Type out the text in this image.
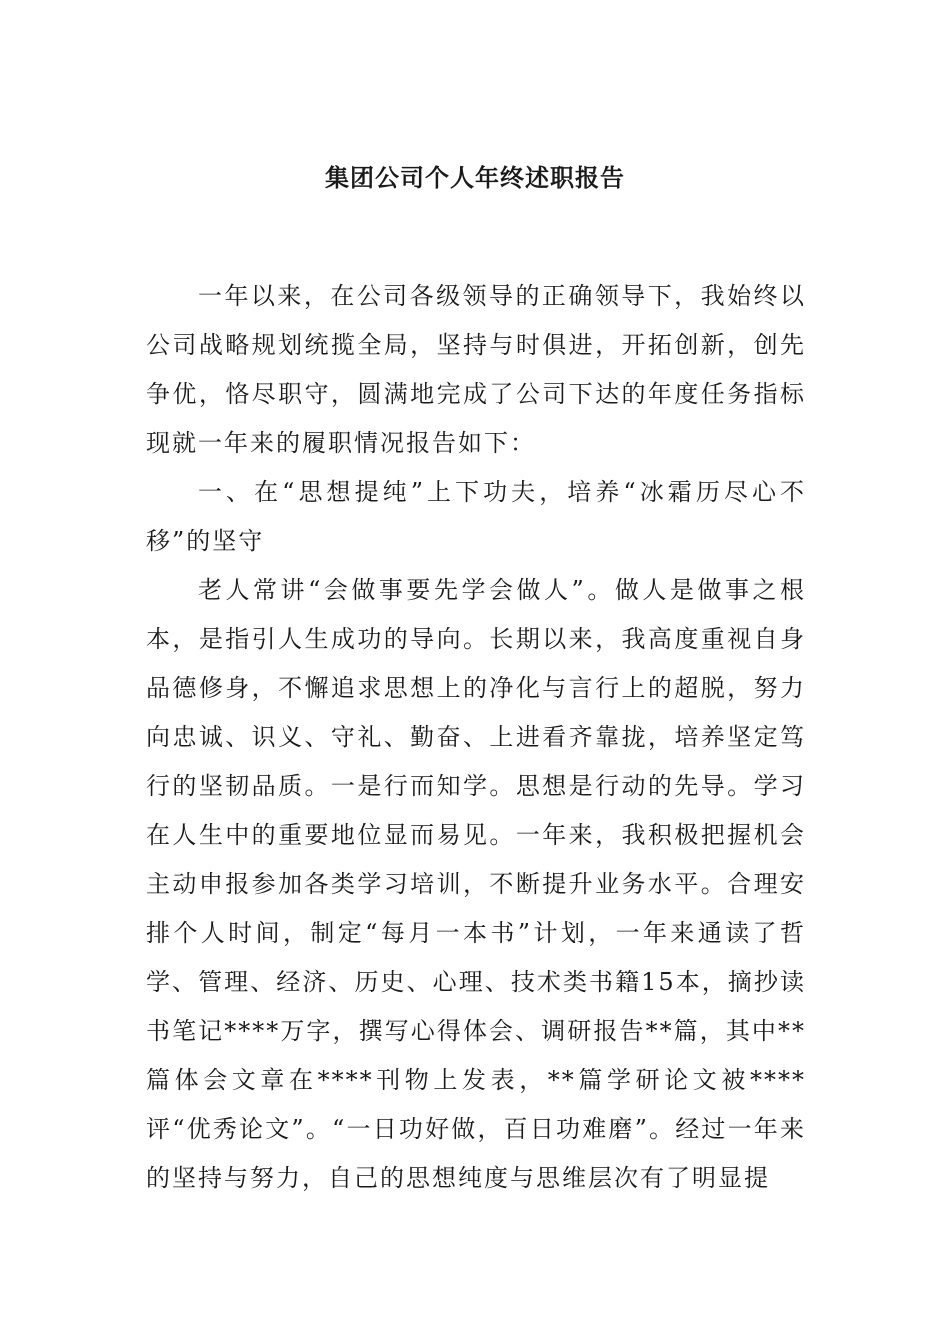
集团公司个人年终述职报告

一年以来，在公司各级领导的正确领导下，我始终以公司战略规划统揽全局，坚持与时俱进，开拓创新，创先争优，恪尽职守，圆满地完成了公司下达的年度任务指标现就一年来的履职情况报告如下：

一、在“思想提纯”上下功夫，培养“冰霜历尽心不移”的坚守

老人常讲“会做事要先学会做人”。做人是做事之根本，是指引人生成功的导向。长期以来，我高度重视自身品德修身，不懈追求思想上的净化与言行上的超脱，努力向忠诚、识义、守礼、勤奋、上进看齐靠拢，培养坚定笃行的坚韧品质。一是行而知学。思想是行动的先导。学习在人生中的重要地位显而易见。一年来，我积极把握机会主动申报参加各类学习培训，不断提升业务水平。合理安排个人时间，制定“每月一本书”计划，一年来通读了哲学、管理、经济、历史、心理、技术类书籍15本，摘抄读书笔记****万字，撰写心得体会、调研报告**篇，其中**篇体会文章在****刊物上发表，**篇学研论文被****评“优秀论文”。“一日功好做，百日功难磨”。经过一年来的坚持与努力，自己的思想纯度与思维层次有了明显提
